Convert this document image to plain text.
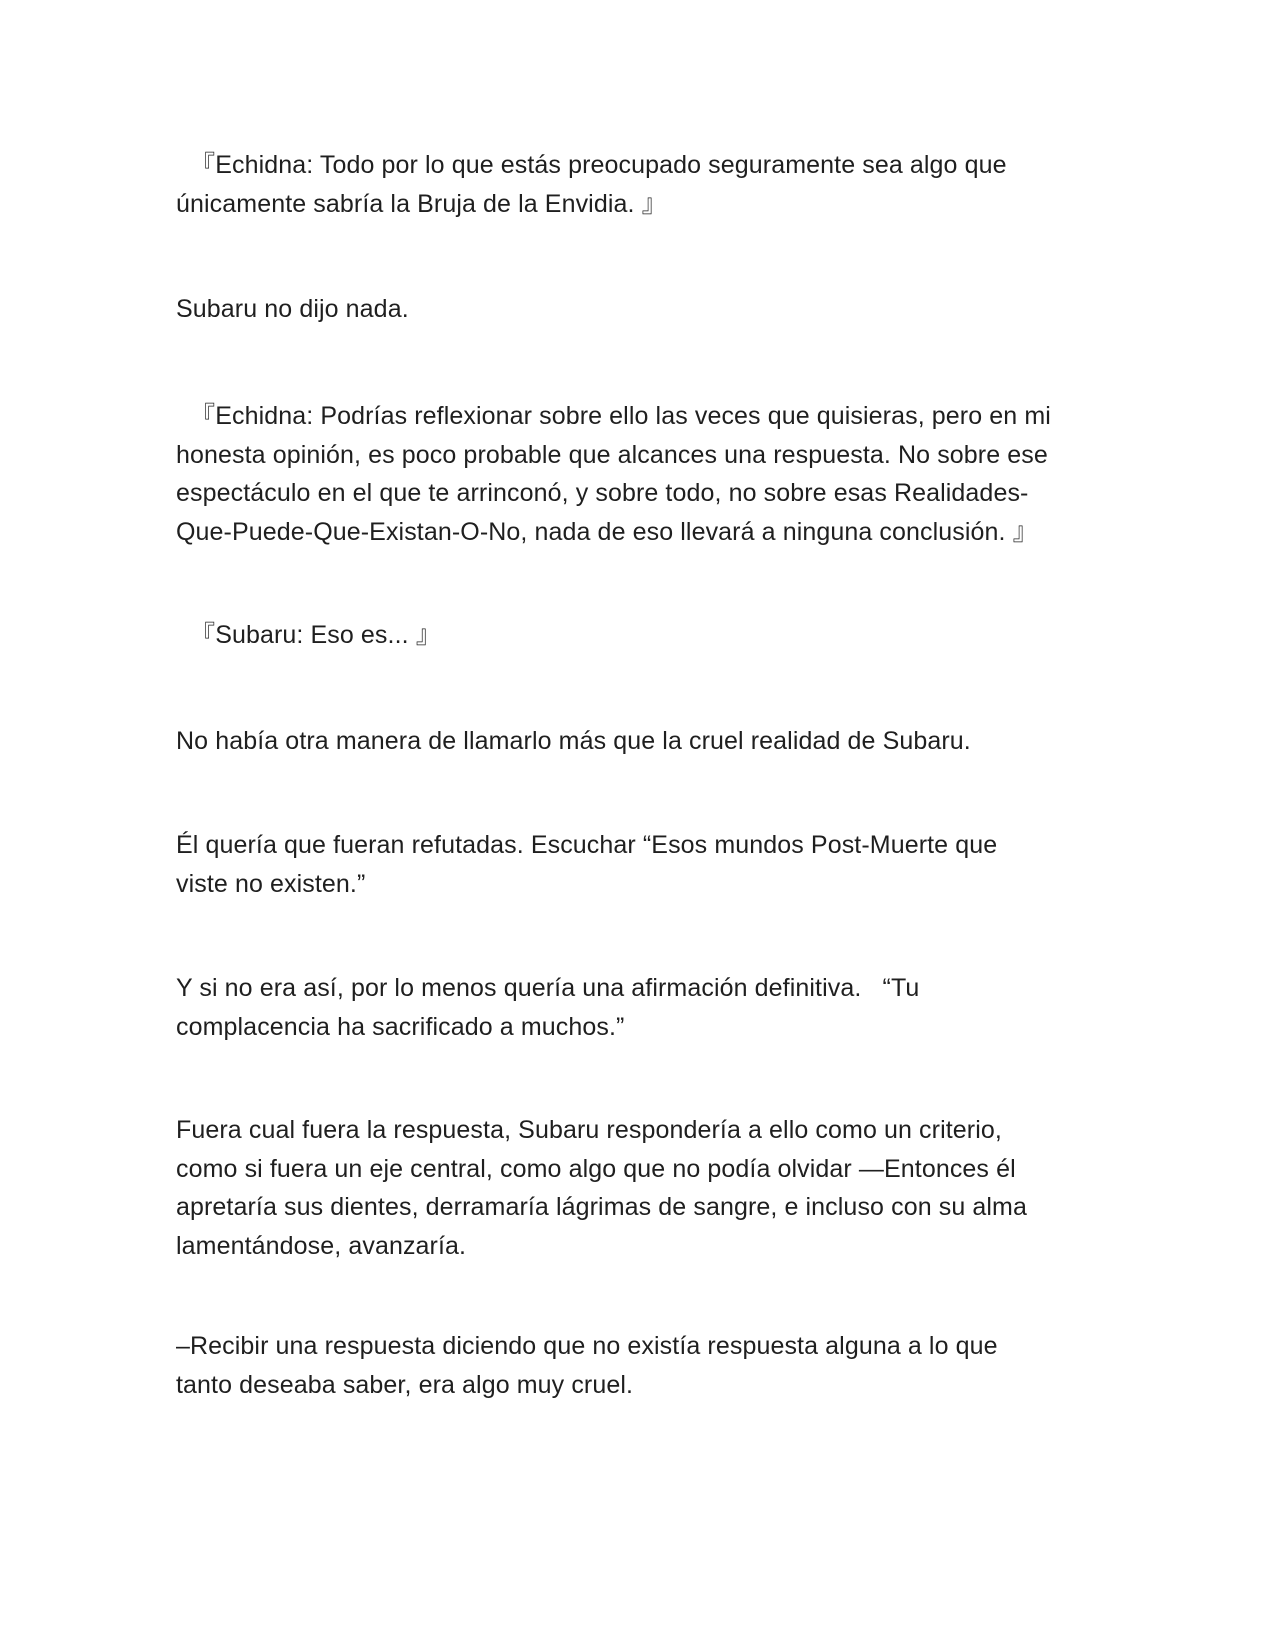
『Echidna: Todo por lo que estás preocupado seguramente sea algo que
únicamente sabría la Bruja de la Envidia. 』

Subaru no dijo nada.

『Echidna: Podrías reflexionar sobre ello las veces que quisieras, pero en mi
honesta opinión, es poco probable que alcances una respuesta. No sobre ese
espectáculo en el que te arrinconó, y sobre todo, no sobre esas Realidades-
Que-Puede-Que-Existan-O-No, nada de eso llevará a ninguna conclusión. 』

『Subaru: Eso es... 』

No había otra manera de llamarlo más que la cruel realidad de Subaru.

Él quería que fueran refutadas. Escuchar “Esos mundos Post-Muerte que
viste no existen.”

Y si no era así, por lo menos quería una afirmación definitiva.   “Tu
complacencia ha sacrificado a muchos.”

Fuera cual fuera la respuesta, Subaru respondería a ello como un criterio,
como si fuera un eje central, como algo que no podía olvidar —Entonces él
apretaría sus dientes, derramaría lágrimas de sangre, e incluso con su alma
lamentándose, avanzaría.

–Recibir una respuesta diciendo que no existía respuesta alguna a lo que
tanto deseaba saber, era algo muy cruel.
